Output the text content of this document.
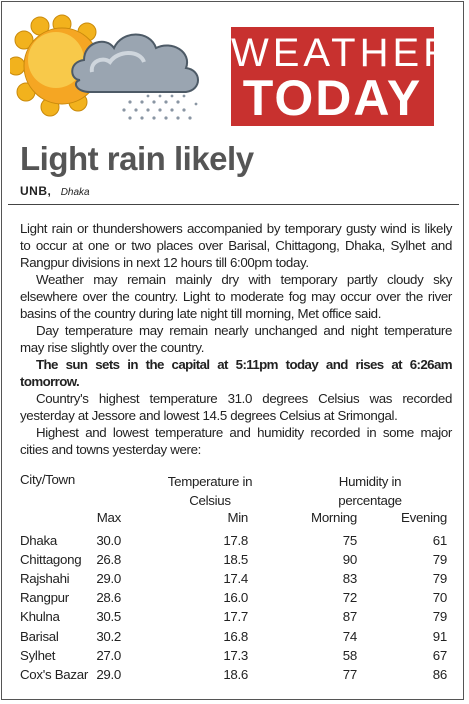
WEATHER
TODAY
Light rain likely
UNB, Dhaka

Light rain or thundershowers accompanied by temporary gusty wind is likely to occur at one or two places over Barisal, Chittagong, Dhaka, Sylhet and Rangpur divisions in next 12 hours till 6:00pm today.

Weather may remain mainly dry with temporary partly cloudy sky elsewhere over the country. Light to moderate fog may occur over the river basins of the country during late night till morning, Met office said.

Day temperature may remain nearly unchanged and night temperature may rise slightly over the country.

The sun sets in the capital at 5:11pm today and rises at 6:26am tomorrow.

Country's highest temperature 31.0 degrees Celsius was recorded yesterday at Jessore and lowest 14.5 degrees Celsius at Srimongal.

Highest and lowest temperature and humidity recorded in some major cities and towns yesterday were:

City/Town	Temperature in	Humidity in
Celsius	percentage
Max	Min	Morning	Evening
Dhaka	30.0	17.8	75	61
Chittagong 26.8	18.5	90	79
Rajshahi 29.0	17.4	83	79
Rangpur 28.6	16.0	72	70
Khulna	30.5	17.7	87	79
Barisal	30.2	16.8	74	91
Sylhet	27.0	17.3	58	67
Cox's Bazar 29.0	18.6	77	86
